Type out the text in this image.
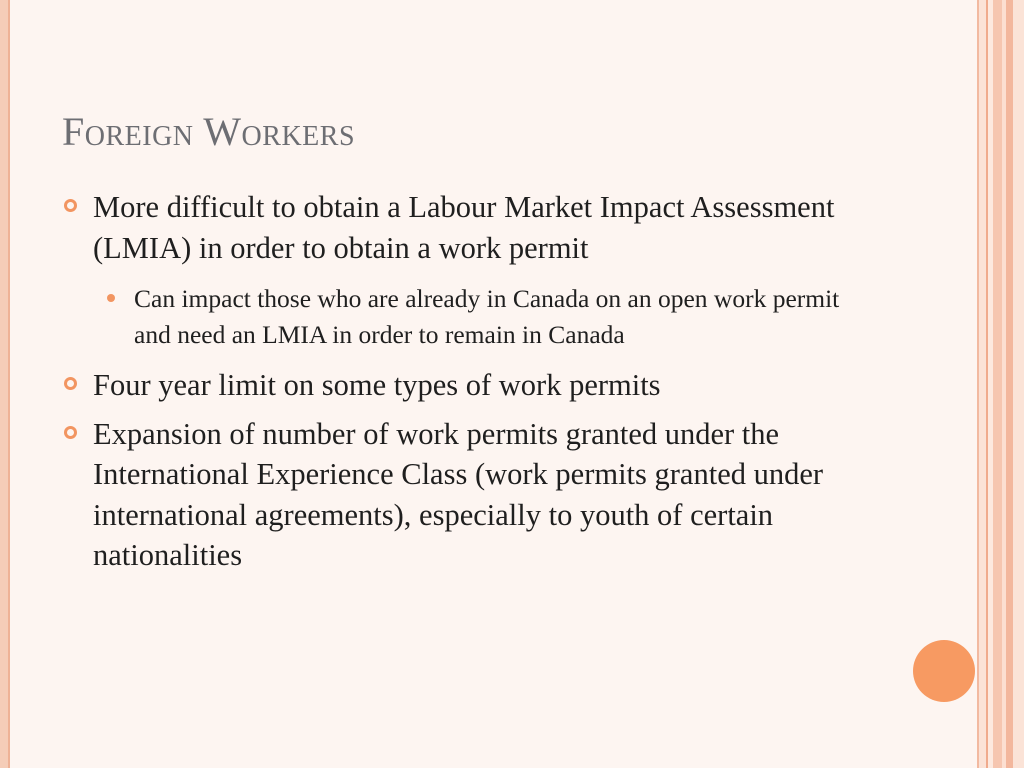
Foreign Workers
More difficult to obtain a Labour Market Impact Assessment (LMIA) in order to obtain a work permit
Can impact those who are already in Canada on an open work permit and need an LMIA in order to remain in Canada
Four year limit on some types of work permits
Expansion of number of work permits granted under the International Experience Class (work permits granted under international agreements), especially to youth of certain nationalities
